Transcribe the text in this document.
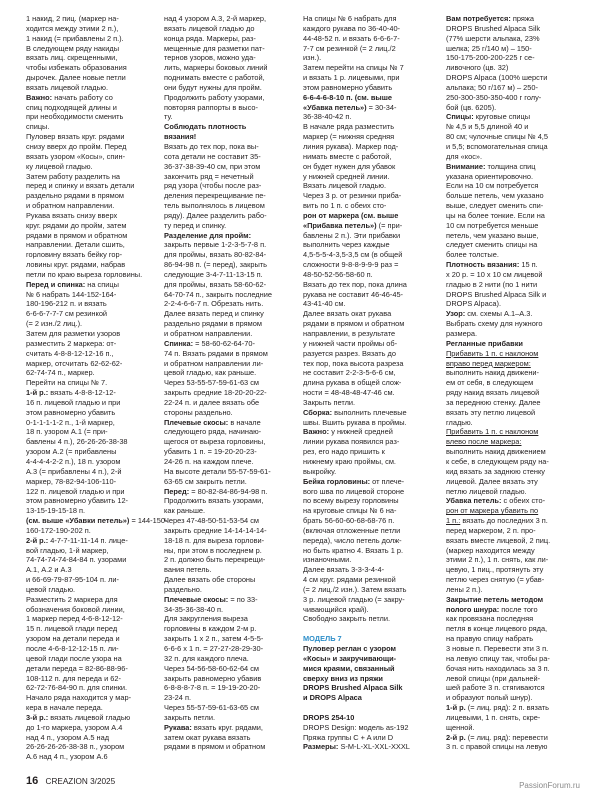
1 накид, 2 пиц. (маркер на-
ходится между этими 2 п.),
1 накид (= прибавлены 2 п.).
В следующем ряду накиды
вязать лиц. скрещенными,
чтобы избежать образования
дырочек. Далее новые петли
вязать лицевой гладью.
Важно: начать работу со
спиц подходящей длины и
при необходимости сменить
спицы.
Пуловер вязать круг. рядами
снизу вверх до пройм. Перед
вязать узором «Косы», спин-
ку лицевой гладью.
Затем работу разделить на
перед и спинку и вязать детали
раздельно рядами в прямом
и обратном направлении.
Рукава вязать снизу вверх
круг. рядами до пройм, затем
рядами в прямом и обратном
направлении. Детали сшить,
горловину вязать бейку гор-
ловины круг. рядами, набрав
петли по краю выреза горловины.
Перед и спинка: на спицы
№ 6 набрать 144-152-164-
180-196-212 п. и вязать
6-6-6-7-7-7 см резинкой
(= 2 изн./2 лиц.).
Затем для разметки узоров
разместить 2 маркера: от-
считать 4-8-8-12-12-16 п.,
маркер, отсчитать 62-62-62-
62-74-74 п., маркер.
Перейти на спицы № 7.
1-й р.: вязать 4-8-8-12-12-
16 п. лицевой гладью и при
этом равномерно убавить
0-1-1-1-1-2 п., 1-й маркер,
18 п. узором А.1 (= при-
бавлены 4 п.), 26-26-26-38-38
узором А.2 (= прибавлены
4-4-4-4-2-2 п.), 18 п. узором
А.3 (= прибавлены 4 п.), 2-й
маркер, 78-82-94-106-110-
122 п. лицевой гладью и при
этом равномерно убавить 12-
13-15-19-15-18 п.
(см. выше «Убавки петель») = 144-150-
160-172-190-202 п.
2-й р.: 4-7-7-11-11-14 п. лице-
вой гладью, 1-й маркер,
74-74-74-74-84-84 п. узорами
А.1, А.2 и А.3
и 66-69-79-87-95-104 п. ли-
цевой гладью.
Разместить 2 маркера для
обозначения боковой линии,
1 маркер перед 4-6-8-12-12-
15 п. лицевой глади перед
узором на детали переда и
после 4-6-8-12-12-15 п. ли-
цевой глади после узора на
детали переда = 82-86-88-96-
108-112 п. для переда и 62-
62-72-76-84-90 п. для спинки.
Начало ряда находится у мар-
кера в начале переда.
3-й р.: вязать лицевой гладью
до 1-го маркера, узором А.4
над 4 п., узором А.5 над
26-26-26-26-38-38 п., узором
А.6 над 4 п., узором А.6
над 4 узором А.3, 2-й маркер,
вязать лицевой гладью до
конца ряда. Маркеры, раз-
мещенные для разметки пат-
тернов узоров, можно уда-
лить, маркеры боковых линий
поднимать вместе с работой,
они будут нужны для пройм.
Продолжить работу узорами,
повторяя раппорты в высо-
ту.
Соблюдать плотность
вязания!
Вязать до тех пор, пока вы-
сота детали не составит 35-
36-37-38-39-40 см, при этом
закончить ряд = нечетный
ряд узора (чтобы после раз-
деления перекрещивание пе-
тель выполнялось в лицевом
ряду). Далее разделить рабо-
ту перед и спинку.
Разделение для пройм:
закрыть первые 1-2-3-5-7-8 п.
для проймы, вязать 80-82-84-
86-94-98 п. (= перед), закрыть
следующие 3-4-7-11-13-15 п.
для проймы, вязать 58-60-62-
64-70-74 п., закрыть последние
2-2-4-6-6-7 п. Обрезать нить.
Далее вязать перед и спинку
раздельно рядами в прямом
и обратном направлении.
Спинка: = 58-60-62-64-70-
74 п. Вязать рядами в прямом
и обратном направлении ли-
цевой гладью, как раньше.
Через 53-55-57-59-61-63 см
закрыть средние 18-20-20-22-
22-24 п. и далее вязать обе
стороны раздельно.
Плечевые скосы: в начале
следующего ряда, начинаю-
щегося от выреза горловины,
убавить 1 п. = 19-20-20-23-
24-26 п. на каждом плече.
На высоте детали 55-57-59-61-
63-65 см закрыть петли.
Перед: = 80-82-84-86-94-98 п.
Продолжить вязать узорами,
как раньше.
Через 47-48-50-51-53-54 см
закрыть средние 14-14-14-14-
18-18 п. для выреза горлови-
ны, при этом в последнем р.
2 п. должно быть перекрещи-
вания петель.
Далее вязать обе стороны
раздельно.
Плечевые скосы: = по 33-
34-35-36-38-40 п.
Для закругления выреза
горловины в каждом 2-м р.
закрыть 1 x 2 п., затем 4-5-5-
6-6-6 x 1 п. = 27-27-28-29-30-
32 п. для каждого плеча.
Через 54-56-58-60-62-64 см
закрыть равномерно убавив
6-8-8-8-7-8 п. = 19-19-20-20-
23-24 п.
Через 55-57-59-61-63-65 см
закрыть петли.
Рукава: вязать круг. рядами,
затем окат рукава вязать
рядами в прямом и обратном
На спицы № 6 набрать для
каждого рукава по 36-40-40-
44-48-52 п. и вязать 6-6-6-7-
7-7 см резинкой (= 2 лиц./2
изн.).
Затем перейти на спицы № 7
и вязать 1 р. лицевыми, при
этом равномерно убавить
6-6-4-6-8-10 п. (см. выше
«Убавка петель») = 30-34-
36-38-40-42 п.
В начале ряда разместить
маркер (= нижняя средняя
линия рукава). Маркер под-
нимать вместе с работой,
он будет нужен для убавок
у нижней средней линии.
Вязать лицевой гладью.
Через 3 р. от резинки приба-
вить по 1 п. с обеих сто-
рон от маркера (см. выше
«Прибавка петель») (= при-
бавлены 2 п.). Эти прибавки
выполнить через каждые
4,5-5-5-4-3,5-3,5 см (в общей
сложности 9-8-8-9-9-9 раз =
48-50-52-56-58-60 п.
Вязать до тех пор, пока длина
рукава не составит 46-46-45-
43-41-40 см.
Далее вязать окат рукава
рядами в прямом и обратном
направлении, в результате
у нижней части проймы об-
разуется разрез. Вязать до
тех пор, пока высота разреза
не составит 2-2-3-5-6-6 см,
длина рукава в общей слож-
ности = 48-48-48-47-46 см.
Закрыть петли.
Сборка: выполнить плечевые
швы. Вшить рукава в проймы.
Важно: у нижней средней
линии рукава появился раз-
рез, его надо пришить к
нижнему краю проймы, см.
выкройку.
Бейка горловины: от плече-
вого шва по лицевой стороне
по всему вырезу горловины
на круговые спицы № 6 на-
брать 56-60-60-68-68-76 п.
(включая отложенные петли
переда), число петель долж-
но быть кратно 4. Вязать 1 р.
изнаночными.
Далее вязать 3-3-3-4-4-
4 см круг. рядами резинкой
(= 2 лиц./2 изн.). Затем вязать
3 р. лицевой гладью (= закру-
чивающийся край).
Свободно закрыть петли.

МОДЕЛЬ 7
Пуловер реглан с узором
«Косы» и закручивающи-
мися краями, связанный
сверху вниз из пряжи
DROPS Brushed Alpaca Silk
и DROPS Alpaca

DROPS 254-10
DROPS Design: модель as-192
Пряжа группы C + A или D
Размеры: S-M-L-XL-XXL-XXXL
Вам потребуется: пряжа
DROPS Brushed Alpaca Silk
(77% шерсти альпака, 23%
шелка; 25 г/140 м) – 150-
150-175-200-200-225 г се-
ливочного (цв. 32)
DROPS Alpaca (100% шерсти
альпака; 50 г/167 м) – 250-
250-300-350-350-400 г голу-
бой (цв. 6205).
Спицы: круговые спицы
№ 4,5 и 5,5 длиной 40 и
80 см; чулочные спицы № 4,5
и 5,5; вспомогательная спица
для «кос».
Внимание: толщина спиц
указана ориентировочно.
Если на 10 см потребуется
больше петель, чем указано
выше, следует сменить спи-
цы на более тонкие. Если на
10 см потребуется меньше
петель, чем указано выше,
следует сменить спицы на
более толстые.
Плотность вязания: 15 п.
x 20 р. = 10 x 10 см лицевой
гладью в 2 нити (по 1 нити
DROPS Brushed Alpaca Silk и
DROPS Alpaca).
Узор: см. схемы А.1–А.3.
Выбрать схему для нужного
размера.
Регланные прибавки
Прибавить 1 п. с наклоном
вправо перед маркером:
выполнить накид движени-
ем от себя, в следующем
ряду накид вязать лицевой
за переднюю стенку. Далее
вязать эту петлю лицевой
гладью.
Прибавить 1 п. с наклоном
влево после маркера:
выполнить накид движением
к себе, в следующем ряду на-
кид вязать за заднюю стенку
лицевой. Далее вязать эту
петлю лицевой гладью.
Убавка петель: с обеих сто-
рон от маркера убавить по
1 п.: вязать до последних 3 п.
перед маркером, 2 п. про-
вязать вместе лицевой, 2 пиц.
(маркер находится между
этими 2 п.), 1 п. снять, как ли-
цевую, 1 пиц., протянуть эту
петлю через снятую (= убав-
лены 2 п.).
Закрытие петель методом
полого шнура: после того
как провязана последняя
петля в конце лицевого ряда,
на правую спицу набрать
3 новые п. Перевести эти 3 п.
на левую спицу так, чтобы ра-
бочая нить находилась за 3 п.
левой спицы (при дальней-
шей работе 3 п. стягиваются
и образуют полый шнур).
1-й р. (= лиц. ряд): 2 п. вязать
лицевыми, 1 п. снять, скре-
щенной.
2-й р. (= лиц. ряд): перевести
3 п. с правой спицы на левую
16 CREAZION 3/2025	PassionForum.ru
